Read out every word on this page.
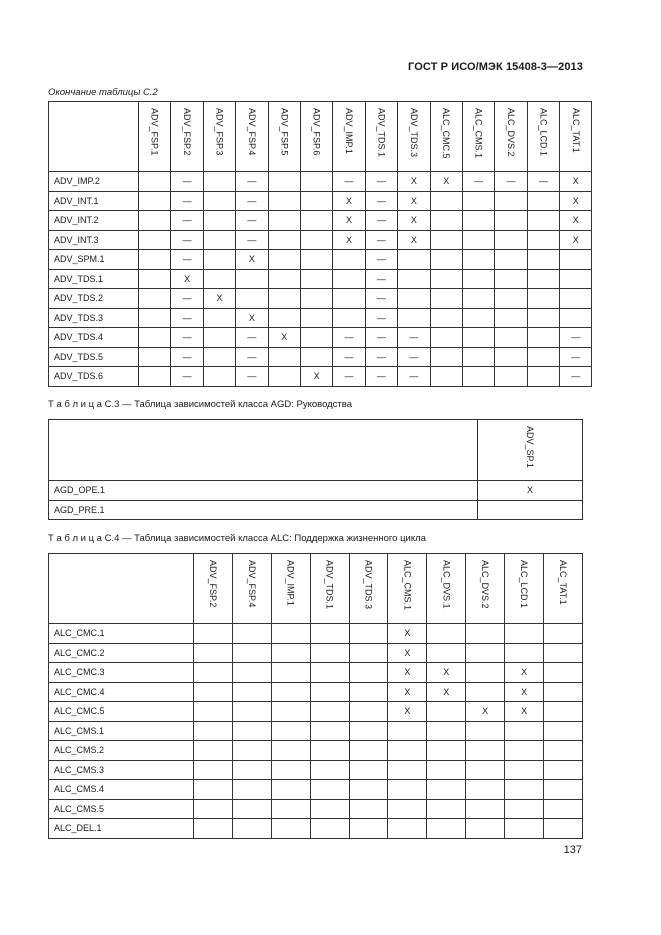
ГОСТ Р ИСО/МЭК 15408-3—2013
Окончание таблицы С.2
	ADV_FSP.1	ADV_FSP.2	ADV_FSP.3	ADV_FSP.4	ADV_FSP.5	ADV_FSP.6	ADV_IMP.1	ADV_TDS.1	ADV_TDS.3	ALC_CMC.5	ALC_CMS.1	ALC_DVS.2	ALC_LCD.1	ALC_TAT.1
ADV_IMP.2		—		—			—	—	X	X	—	—	—	X
ADV_INT.1		—		—			X	—	X					X
ADV_INT.2		—		—			X	—	X					X
ADV_INT.3		—		—			X	—	X					X
ADV_SPM.1		—		X				—						
ADV_TDS.1		X						—						
ADV_TDS.2		—	X					—						
ADV_TDS.3		—		X				—						
ADV_TDS.4		—		—	X		—	—	—					—
ADV_TDS.5		—		—			—	—	—					—
ADV_TDS.6		—		—		X	—	—	—					—
Т а б л и ц а С.3 — Таблица зависимостей класса AGD: Руководства
	ADV_SP.1
AGD_OPE.1	X
AGD_PRE.1	
Т а б л и ц а С.4 — Таблица зависимостей класса ALC: Поддержка жизненного цикла
	ADV_FSP.2	ADV_FSP.4	ADV_IMP.1	ADV_TDS.1	ADV_TDS.3	ALC_CMS.1	ALC_DVS.1	ALC_DVS.2	ALC_LCD.1	ALC_TAT.1
ALC_CMC.1						X				
ALC_CMC.2						X				
ALC_CMC.3						X	X		X	
ALC_CMC.4						X	X		X	
ALC_CMC.5						X		X	X	
ALC_CMS.1										
ALC_CMS.2										
ALC_CMS.3										
ALC_CMS.4										
ALC_CMS.5										
ALC_DEL.1										
137
